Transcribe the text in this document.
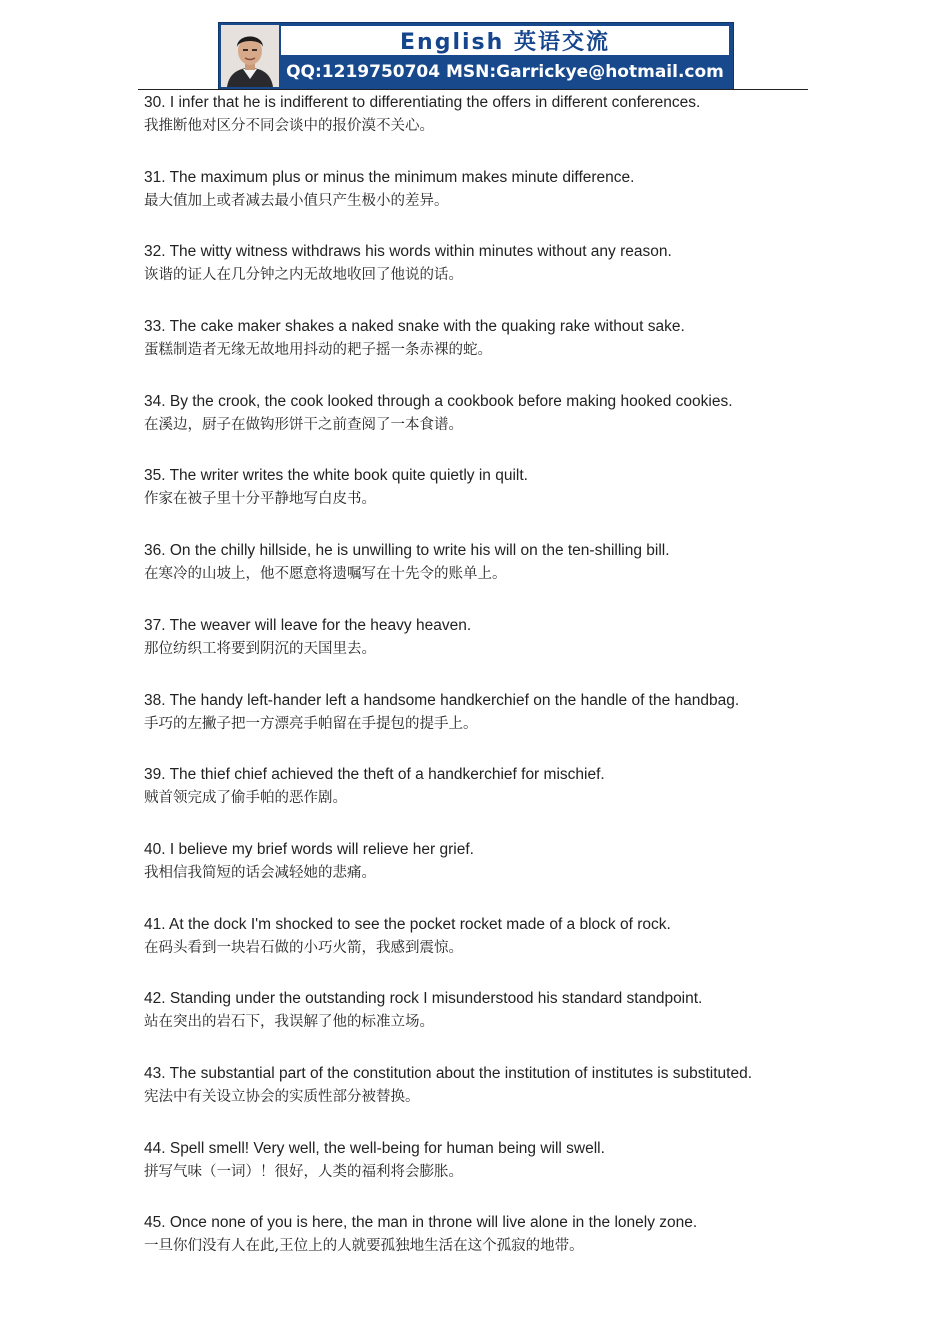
English 英语交流
QQ:1219750704 MSN:Garrickye@hotmail.com
30. I infer that he is indifferent to differentiating the offers in different conferences.
我推断他对区分不同会谈中的报价漠不关心。
31. The maximum plus or minus the minimum makes minute difference.
最大值加上或者减去最小值只产生极小的差异。
32. The witty witness withdraws his words within minutes without any reason.
诙谐的证人在几分钟之内无故地收回了他说的话。
33. The cake maker shakes a naked snake with the quaking rake without sake.
蛋糕制造者无缘无故地用抖动的耙子摇一条赤裸的蛇。
34. By the crook, the cook looked through a cookbook before making hooked cookies.
在溪边，厨子在做钩形饼干之前查阅了一本食谱。
35. The writer writes the white book quite quietly in quilt.
作家在被子里十分平静地写白皮书。
36. On the chilly hillside, he is unwilling to write his will on the ten-shilling bill.
在寒冷的山坡上，他不愿意将遗嘱写在十先令的账单上。
37. The weaver will leave for the heavy heaven.
那位纺织工将要到阴沉的天国里去。
38. The handy left-hander left a handsome handkerchief on the handle of the handbag.
手巧的左撇子把一方漂亮手帕留在手提包的提手上。
39. The thief chief achieved the theft of a handkerchief for mischief.
贼首领完成了偷手帕的恶作剧。
40. I believe my brief words will relieve her grief.
我相信我简短的话会减轻她的悲痛。
41. At the dock I'm shocked to see the pocket rocket made of a block of rock.
在码头看到一块岩石做的小巧火箭，我感到震惊。
42. Standing under the outstanding rock I misunderstood his standard standpoint.
站在突出的岩石下，我误解了他的标准立场。
43. The substantial part of the constitution about the institution of institutes is substituted.
宪法中有关设立协会的实质性部分被替换。
44. Spell smell! Very well, the well-being for human being will swell.
拼写气味（一词）！很好，人类的福利将会膨胀。
45. Once none of you is here, the man in throne will live alone in the lonely zone.
一旦你们没有人在此,王位上的人就要孤独地生活在这个孤寂的地带。
